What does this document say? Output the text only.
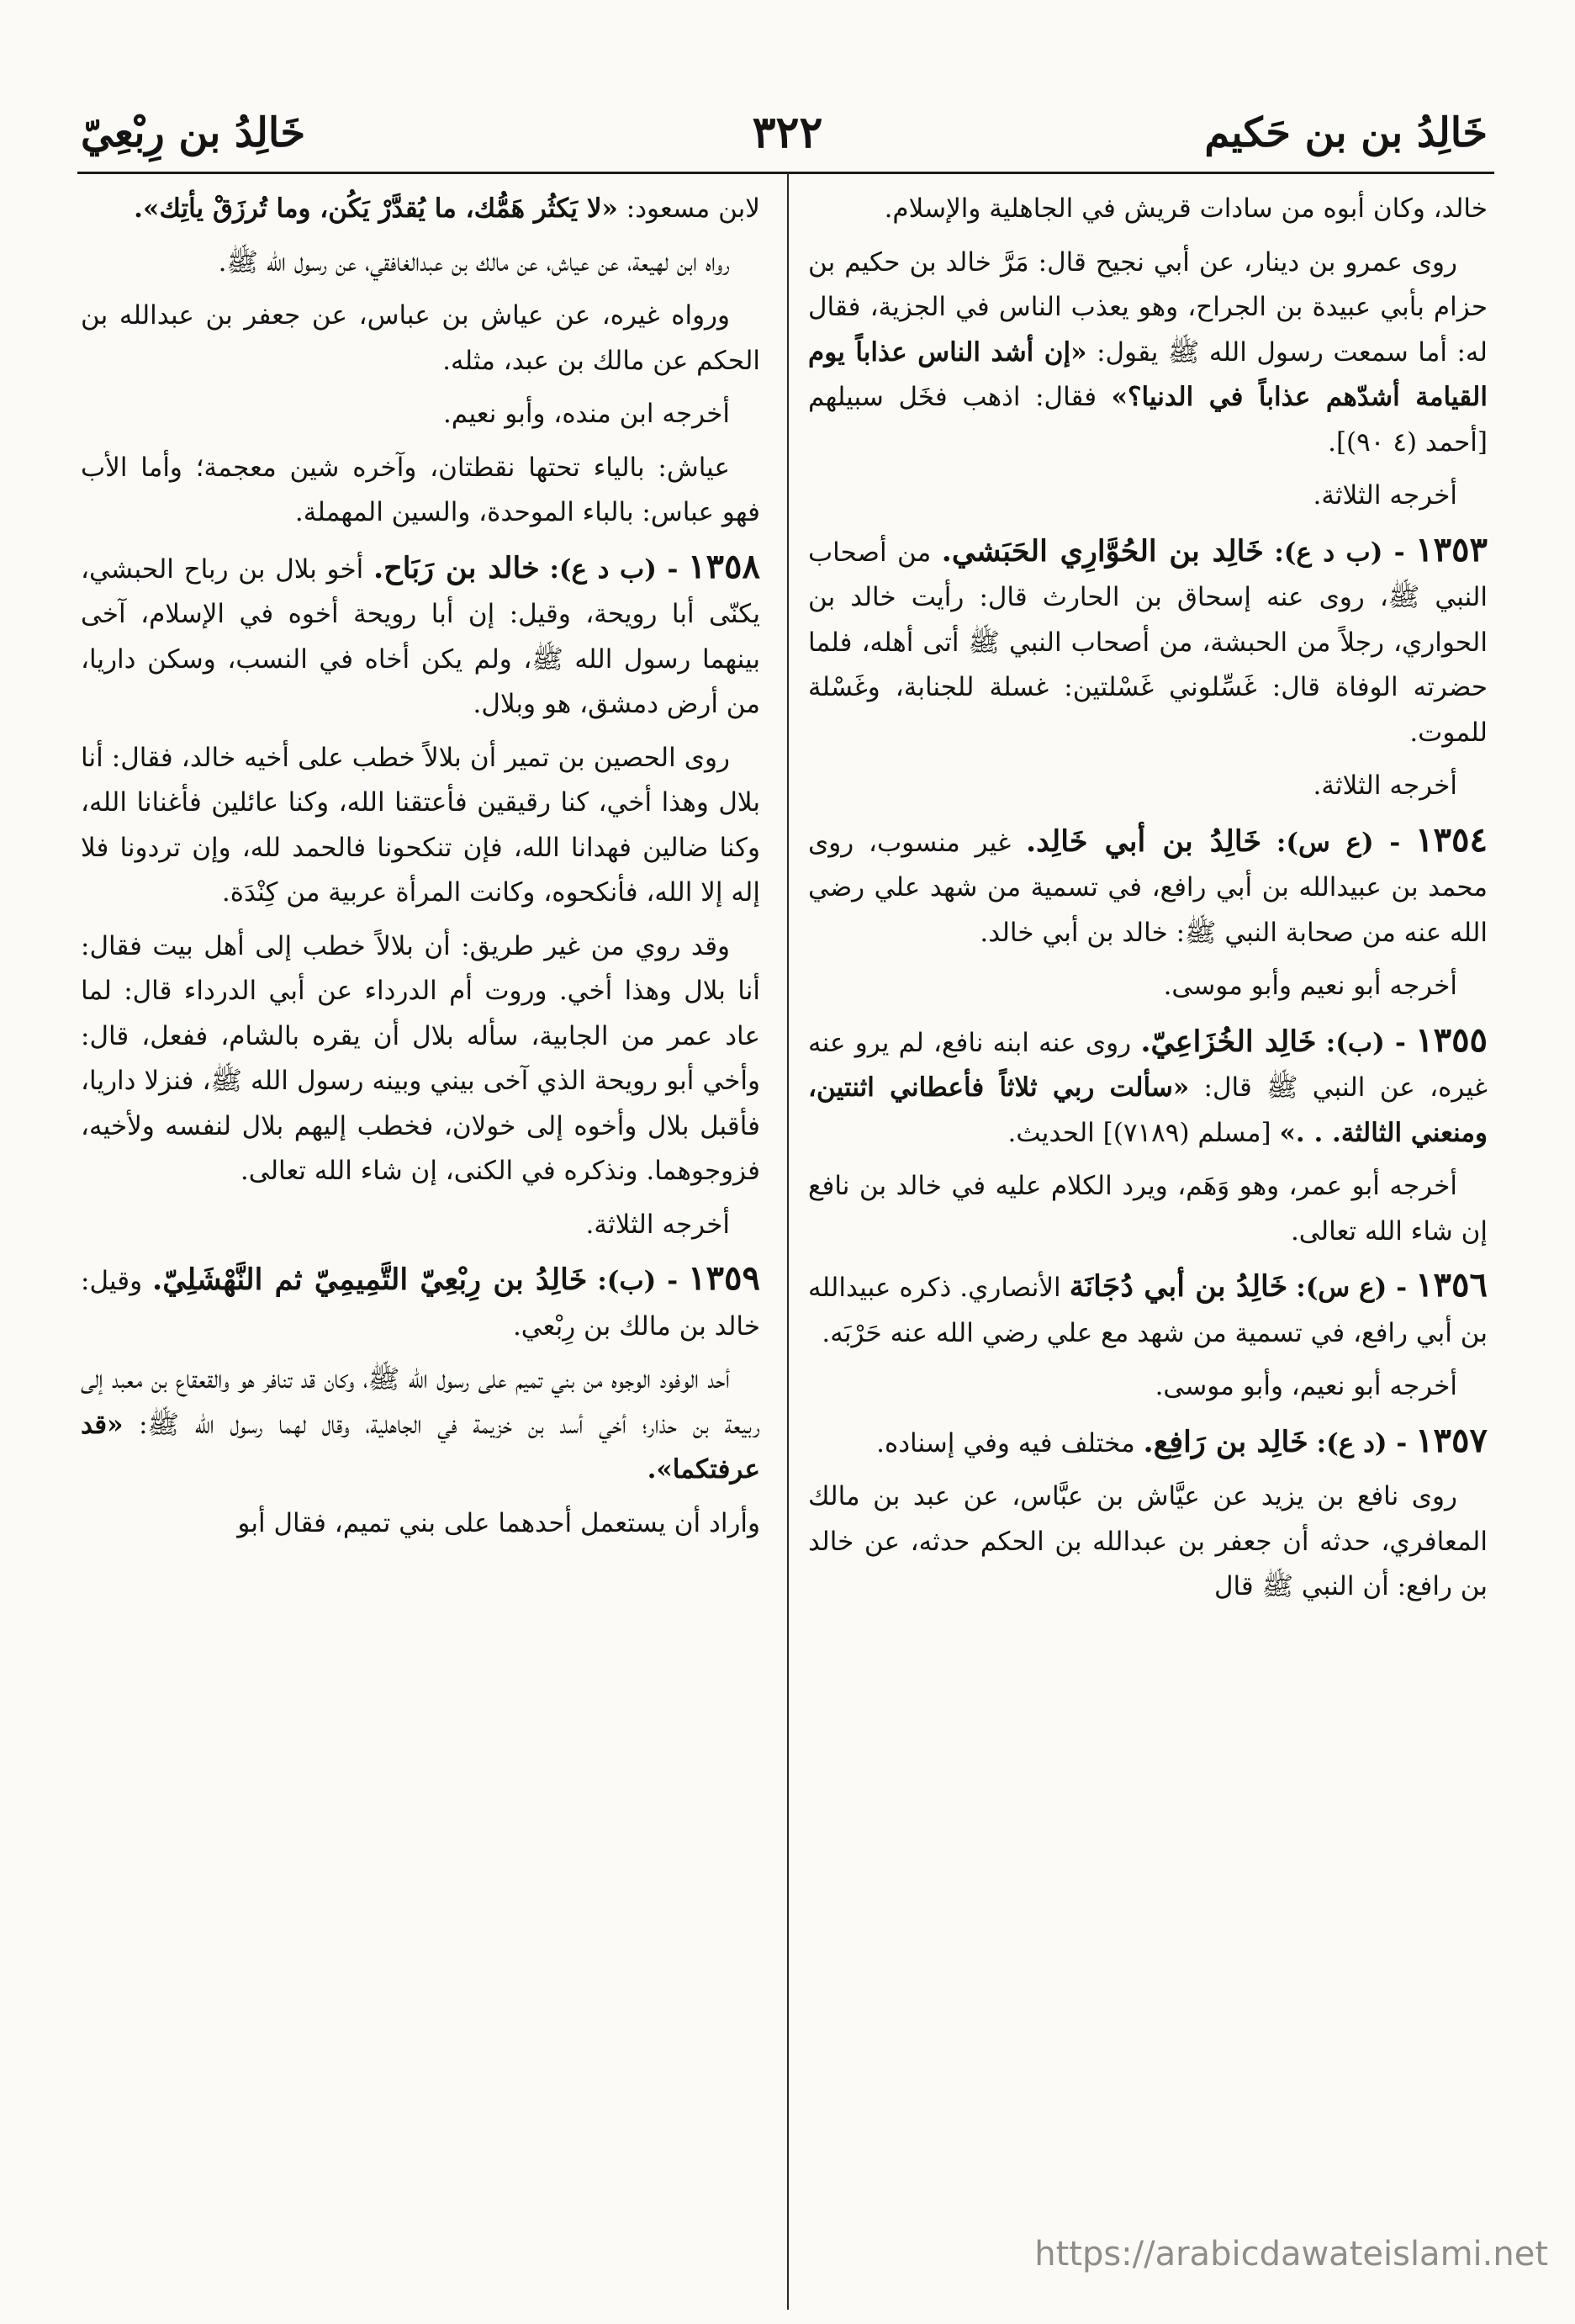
خَالِدُ بن بن حَكيم
٣٢٢
خَالِدُ بن رِبْعِيّ

خالد، وكان أبوه من سادات قريش في الجاهلية والإسلام.

روى عمرو بن دينار، عن أبي نجيح قال: مَرَّ خالد بن حكيم بن حزام بأبي عبيدة بن الجراح، وهو يعذب الناس في الجزية، فقال له: أما سمعت رسول الله ﷺ يقول: «إن أشد الناس عذاباً يوم القيامة أشدّهم عذاباً في الدنيا؟» فقال: اذهب فخَل سبيلهم [أحمد (٤ ٩٠)].

أخرجه الثلاثة.

١٣٥٣ - (ب د ع): خَالِد بن الحُوَّارِي الحَبَشي. من أصحاب النبي ﷺ، روى عنه إسحاق بن الحارث قال: رأيت خالد بن الحواري، رجلاً من الحبشة، من أصحاب النبي ﷺ أتى أهله، فلما حضرته الوفاة قال: غَسِّلوني غَسْلتين: غسلة للجنابة، وغَسْلة للموت.

أخرجه الثلاثة.

١٣٥٤ - (ع س): خَالِدُ بن أبي خَالِد. غير منسوب، روى محمد بن عبيدالله بن أبي رافع، في تسمية من شهد علي رضي الله عنه من صحابة النبي ﷺ: خالد بن أبي خالد.

أخرجه أبو نعيم وأبو موسى.

١٣٥٥ - (ب): خَالِد الخُزَاعِيّ. روى عنه ابنه نافع، لم يرو عنه غيره، عن النبي ﷺ قال: «سألت ربي ثلاثاً فأعطاني اثنتين، ومنعني الثالثة. . .» [مسلم (٧١٨٩)] الحديث.

أخرجه أبو عمر، وهو وَهَم، ويرد الكلام عليه في خالد بن نافع إن شاء الله تعالى.

١٣٥٦ - (ع س): خَالِدُ بن أبي دُجَانَة الأنصاري. ذكره عبيدالله بن أبي رافع، في تسمية من شهد مع علي رضي الله عنه حَرْبَه.

أخرجه أبو نعيم، وأبو موسى.

١٣٥٧ - (د ع): خَالِد بن رَافِع. مختلف فيه وفي إسناده.

روى نافع بن يزيد عن عيَّاش بن عبَّاس، عن عبد بن مالك المعافري، حدثه أن جعفر بن عبدالله بن الحكم حدثه، عن خالد بن رافع: أن النبي ﷺ قال

لابن مسعود: «لا يَكثُر هَمُّك، ما يُقدَّرْ يَكُن، وما تُرزَقْ يأتِك».

رواه ابن لهيعة، عن عياش، عن مالك بن عبدالغافقي، عن رسول الله ﷺ.

ورواه غيره، عن عياش بن عباس، عن جعفر بن عبدالله بن الحكم عن مالك بن عبد، مثله.

أخرجه ابن منده، وأبو نعيم.

عياش: بالياء تحتها نقطتان، وآخره شين معجمة؛ وأما الأب فهو عباس: بالباء الموحدة، والسين المهملة.

١٣٥٨ - (ب د ع): خالد بن رَبَاح. أخو بلال بن رباح الحبشي، يكنّى أبا رويحة، وقيل: إن أبا رويحة أخوه في الإسلام، آخى بينهما رسول الله ﷺ، ولم يكن أخاه في النسب، وسكن داريا، من أرض دمشق، هو وبلال.

روى الحصين بن تمير أن بلالاً خطب على أخيه خالد، فقال: أنا بلال وهذا أخي، كنا رقيقين فأعتقنا الله، وكنا عائلين فأغنانا الله، وكنا ضالين فهدانا الله، فإن تنكحونا فالحمد لله، وإن تردونا فلا إله إلا الله، فأنكحوه، وكانت المرأة عربية من كِنْدَة.

وقد روي من غير طريق: أن بلالاً خطب إلى أهل بيت فقال: أنا بلال وهذا أخي. وروت أم الدرداء عن أبي الدرداء قال: لما عاد عمر من الجابية، سأله بلال أن يقره بالشام، ففعل، قال: وأخي أبو رويحة الذي آخى بيني وبينه رسول الله ﷺ، فنزلا داريا، فأقبل بلال وأخوه إلى خولان، فخطب إليهم بلال لنفسه ولأخيه، فزوجوهما. ونذكره في الكنى، إن شاء الله تعالى.

أخرجه الثلاثة.

١٣٥٩ - (ب): خَالِدُ بن رِبْعِيّ التَّمِيمِيّ ثم النَّهْشَلِيّ. وقيل: خالد بن مالك بن رِبْعي.

أحد الوفود الوجوه من بني تميم على رسول الله ﷺ، وكان قد تنافر هو والقعقاع بن معبد إلى ربيعة بن حذار؛ أخي أسد بن خزيمة في الجاهلية، وقال لهما رسول الله ﷺ: «قد عرفتكما».

وأراد أن يستعمل أحدهما على بني تميم، فقال أبو

https://arabicdawateislami.net
